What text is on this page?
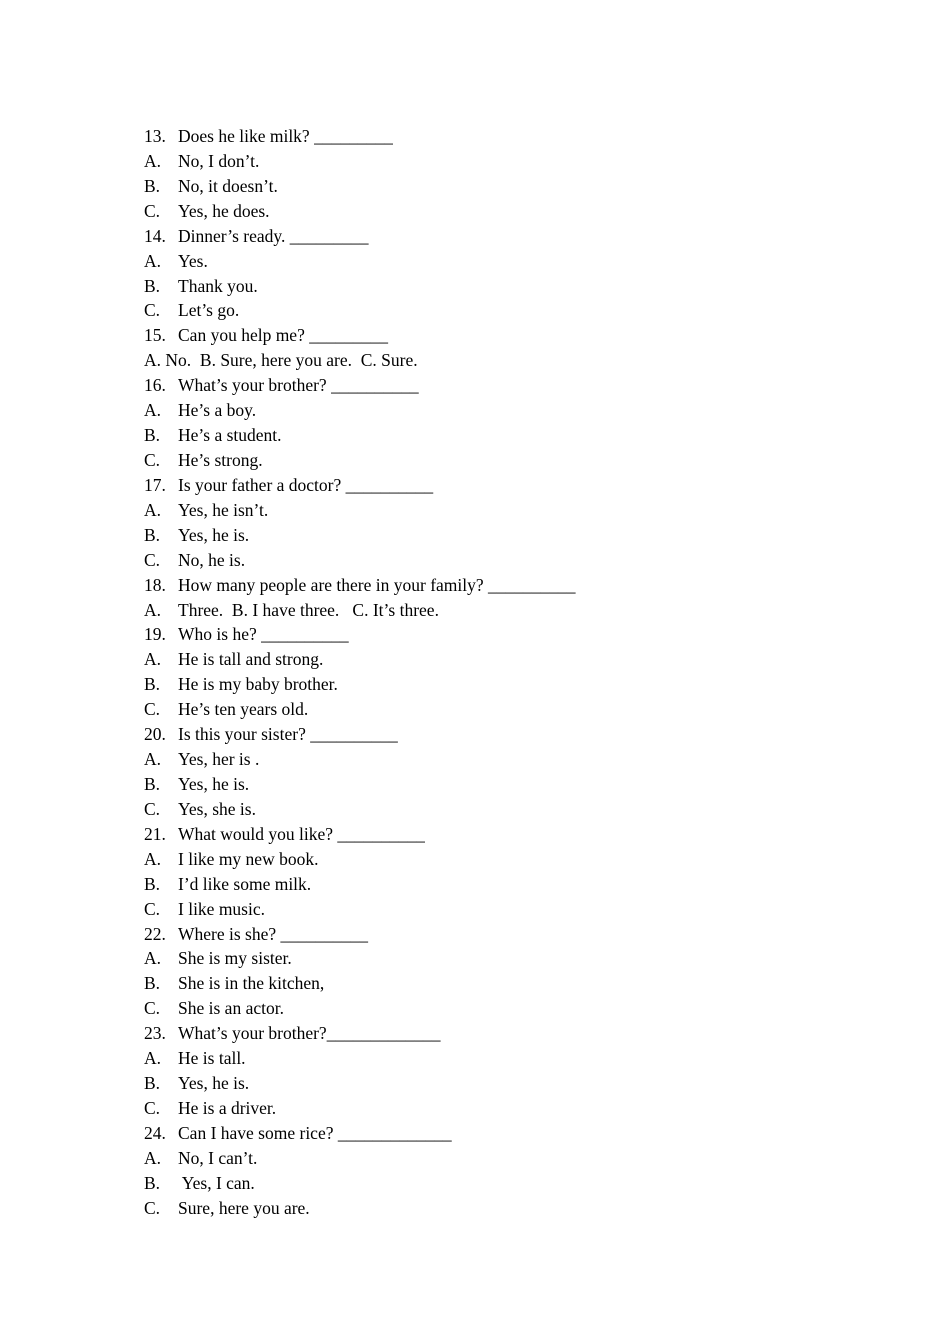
13. Does he like milk? _________
A. No, I don’t.
B. No, it doesn’t.
C. Yes, he does.
14. Dinner’s ready. _________
A. Yes.
B. Thank you.
C. Let’s go.
15. Can you help me? _________
A. No.  B. Sure, here you are.  C. Sure.
16. What’s your brother? __________
A. He’s a boy.
B. He’s a student.
C. He’s strong.
17. Is your father a doctor? __________
A. Yes, he isn’t.
B. Yes, he is.
C. No, he is.
18. How many people are there in your family? __________
A. Three.  B. I have three.   C. It’s three.
19. Who is he? __________
A. He is tall and strong.
B. He is my baby brother.
C. He’s ten years old.
20. Is this your sister? __________
A. Yes, her is .
B. Yes, he is.
C. Yes, she is.
21. What would you like? __________
A. I like my new book.
B. I’d like some milk.
C. I like music.
22. Where is she? __________
A. She is my sister.
B. She is in the kitchen,
C. She is an actor.
23. What’s your brother?_____________
A. He is tall.
B. Yes, he is.
C. He is a driver.
24. Can I have some rice? _____________
A. No, I can’t.
B. Yes, I can.
C. Sure, here you are.
